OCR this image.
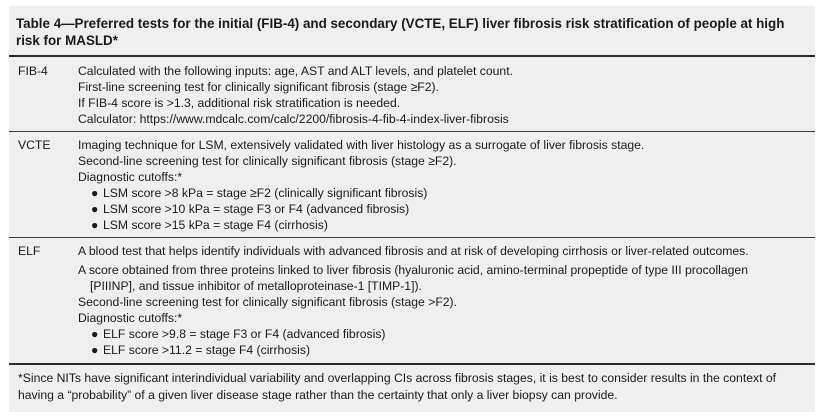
Table 4—Preferred tests for the initial (FIB-4) and secondary (VCTE, ELF) liver fibrosis risk stratification of people at high risk for MASLD*
FIB-4 Calculated with the following inputs: age, AST and ALT levels, and platelet count.
First-line screening test for clinically significant fibrosis (stage ≥F2).
If FIB-4 score is >1.3, additional risk stratification is needed.
Calculator: https://www.mdcalc.com/calc/2200/fibrosis-4-fib-4-index-liver-fibrosis
VCTE Imaging technique for LSM, extensively validated with liver histology as a surrogate of liver fibrosis stage.
Second-line screening test for clinically significant fibrosis (stage ≥F2).
Diagnostic cutoffs:*
● LSM score >8 kPa = stage ≥F2 (clinically significant fibrosis)
● LSM score >10 kPa = stage F3 or F4 (advanced fibrosis)
● LSM score >15 kPa = stage F4 (cirrhosis)
ELF	A blood test that helps identify individuals with advanced fibrosis and at risk of developing cirrhosis or liver-related outcomes.
A score obtained from three proteins linked to liver fibrosis (hyaluronic acid, amino-terminal propeptide of type III procollagen
[PIIINP], and tissue inhibitor of metalloproteinase-1 [TIMP-1]).
Second-line screening test for clinically significant fibrosis (stage >F2).
Diagnostic cutoffs:*
● ELF score >9.8 = stage F3 or F4 (advanced fibrosis)
● ELF score >11.2 = stage F4 (cirrhosis)
*Since NITs have significant interindividual variability and overlapping CIs across fibrosis stages, it is best to consider results in the context of having a “probability” of a given liver disease stage rather than the certainty that only a liver biopsy can provide.
